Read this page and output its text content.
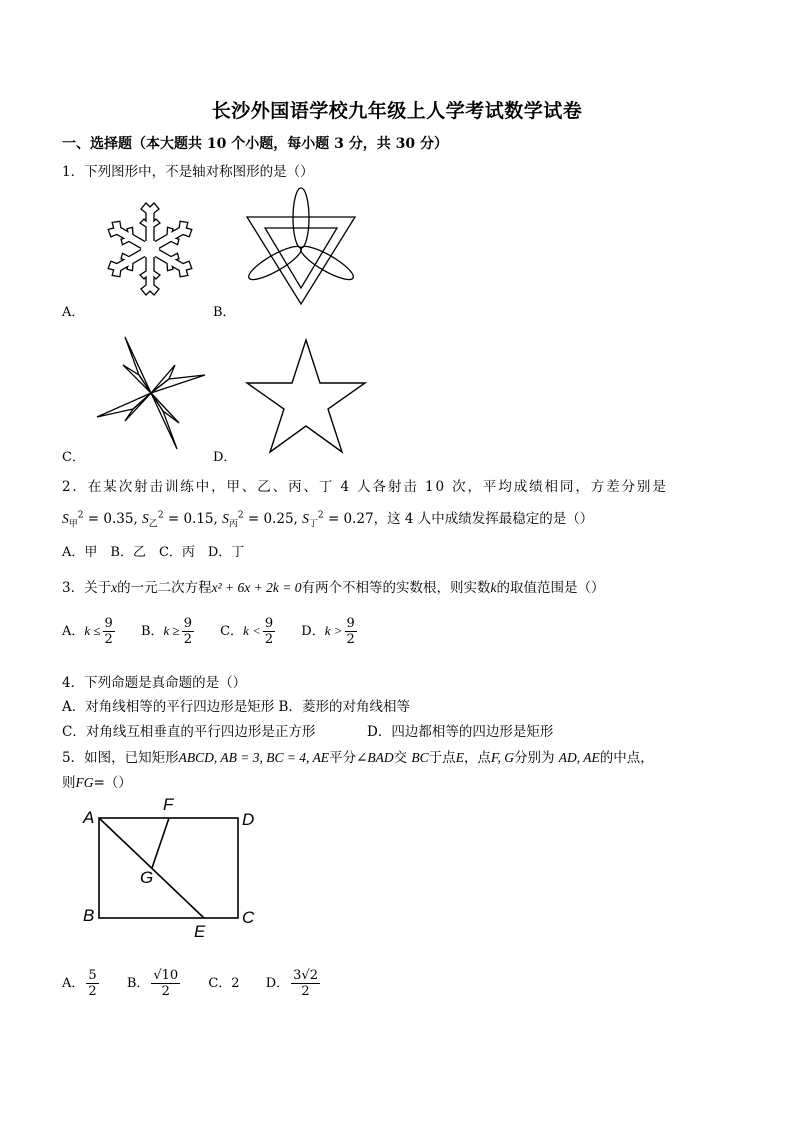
长沙外国语学校九年级上人学考试数学试卷
一、选择题（本大题共 10 个小题，每小题 3 分，共 30 分）
1．下列图形中，不是轴对称图形的是（）
A．	B．
C．	D．
2．在某次射击训练中，甲、乙、丙、丁 4 人各射击 10 次，平均成绩相同，方差分别是
$S_甲^2 = 0.35$, $S_乙^2 = 0.15$, $S_丙^2 = 0.25$, $S_丁^2 = 0.27$，这 4 人中成绩发挥最稳定的是（）
A．甲　B．乙　C．丙　D．丁
3．关于x的一元二次方程x² + 6x + 2k = 0有两个不相等的实数根，则实数k的取值范围是（）
A．$k \le \frac{9}{2}$ B．$k \ge \frac{9}{2}$ C．$k < \frac{9}{2}$ D．$k > \frac{9}{2}$
4．下列命题是真命题的是（）
A．对角线相等的平行四边形是矩形 B．菱形的对角线相等
C．对角线互相垂直的平行四边形是正方形	D．四边都相等的四边形是矩形
5．如图，已知矩形ABCD, AB = 3, BC = 4, AE平分∠BAD交 BC于点E，点F, G分别为 AD, AE的中点，
则FG=（）
A
F
D
G
B	C
E
A． $\frac{5}{2}$ B． $\frac{√10}{2}$ C．2 D． $\frac{3√2}{2}$
